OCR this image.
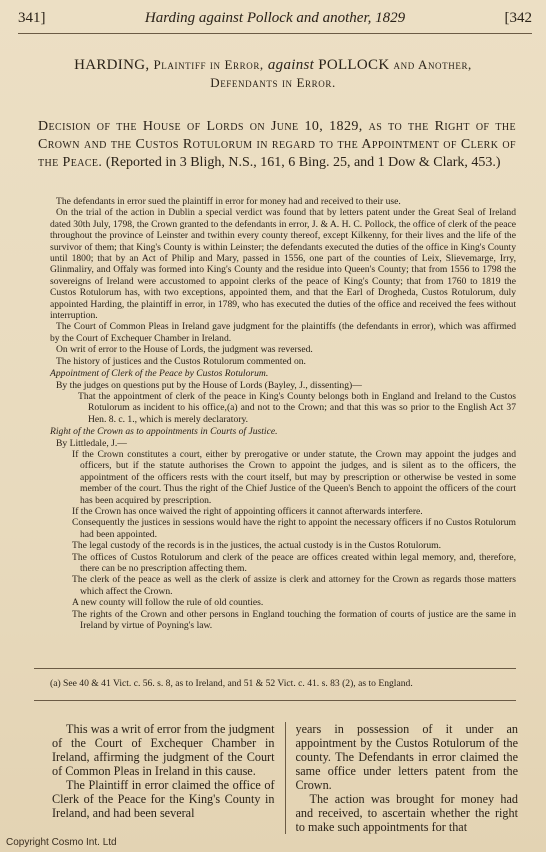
341]	Harding against Pollock and another, 1829	[342
HARDING, Plaintiff in Error, against POLLOCK and Another,
Defendants in Error.
Decision of the House of Lords on June 10, 1829, as to the Right of the Crown and the Custos Rotulorum in regard to the Appointment of Clerk of the Peace. (Reported in 3 Bligh, N.S., 161, 6 Bing. 25, and 1 Dow & Clark, 453.)

The defendants in error sued the plaintiff in error for money had and received to their use.

On the trial of the action in Dublin a special verdict was found that by letters patent under the Great Seal of Ireland dated 30th July, 1798, the Crown granted to the defendants in error, J. & A. H. C. Pollock, the office of clerk of the peace throughout the province of Leinster and twithin every county thereof, except Kilkenny, for their lives and the life of the survivor of them; that King's County is within Leinster; the defendants executed the duties of the office in King's County until 1800; that by an Act of Philip and Mary, passed in 1556, one part of the counties of Leix, Slievemarge, Irry, Glinmaliry, and Offaly was formed into King's County and the residue into Queen's County; that from 1556 to 1798 the sovereigns of Ireland were accustomed to appoint clerks of the peace of King's County; that from 1760 to 1819 the Custos Rotulorum has, with two exceptions, appointed them, and that the Earl of Drogheda, Custos Rotulorum, duly appointed Harding, the plaintiff in error, in 1789, who has executed the duties of the office and received the fees without interruption.

The Court of Common Pleas in Ireland gave judgment for the plaintiffs (the defendants in error), which was affirmed by the Court of Exchequer Chamber in Ireland.

On writ of error to the House of Lords, the judgment was reversed.

The history of justices and the Custos Rotulorum commented on.

Appointment of Clerk of the Peace by Custos Rotulorum.

By the judges on questions put by the House of Lords (Bayley, J., dissenting)—

That the appointment of clerk of the peace in King's County belongs both in England and Ireland to the Custos Rotulorum as incident to his office,(a) and not to the Crown; and that this was so prior to the English Act 37 Hen. 8. c. 1., which is merely declaratory.

Right of the Crown as to appointments in Courts of Justice.

By Littledale, J.—

If the Crown constitutes a court, either by prerogative or under statute, the Crown may appoint the judges and officers, but if the statute authorises the Crown to appoint the judges, and is silent as to the officers, the appointment of the officers rests with the court itself, but may by prescription or otherwise be vested in some member of the court. Thus the right of the Chief Justice of the Queen's Bench to appoint the officers of the court has been acquired by prescription.

If the Crown has once waived the right of appointing officers it cannot afterwards interfere.

Consequently the justices in sessions would have the right to appoint the necessary officers if no Custos Rotulorum had been appointed.

The legal custody of the records is in the justices, the actual custody is in the Custos Rotulorum.

The offices of Custos Rotulorum and clerk of the peace are offices created within legal memory, and, therefore, there can be no prescription affecting them.

The clerk of the peace as well as the clerk of assize is clerk and attorney for the Crown as regards those matters which affect the Crown.

A new county will follow the rule of old counties.

The rights of the Crown and other persons in England touching the formation of courts of justice are the same in Ireland by virtue of Poyning's law.

(a) See 40 & 41 Vict. c. 56. s. 8, as to Ireland, and 51 & 52 Vict. c. 41. s. 83 (2), as to England.

This was a writ of error from the judgment of the Court of Exchequer Chamber in Ireland, affirming the judgment of the Court of Common Pleas in Ireland in this cause.

The Plaintiff in error claimed the office of Clerk of the Peace for the King's County in Ireland, and had been several

years in possession of it under an appointment by the Custos Rotulorum of the county. The Defendants in error claimed the same office under letters patent from the Crown.

The action was brought for money had and received, to ascertain whether the right to make such appointments for that

Copyright Cosmo Int. Ltd
